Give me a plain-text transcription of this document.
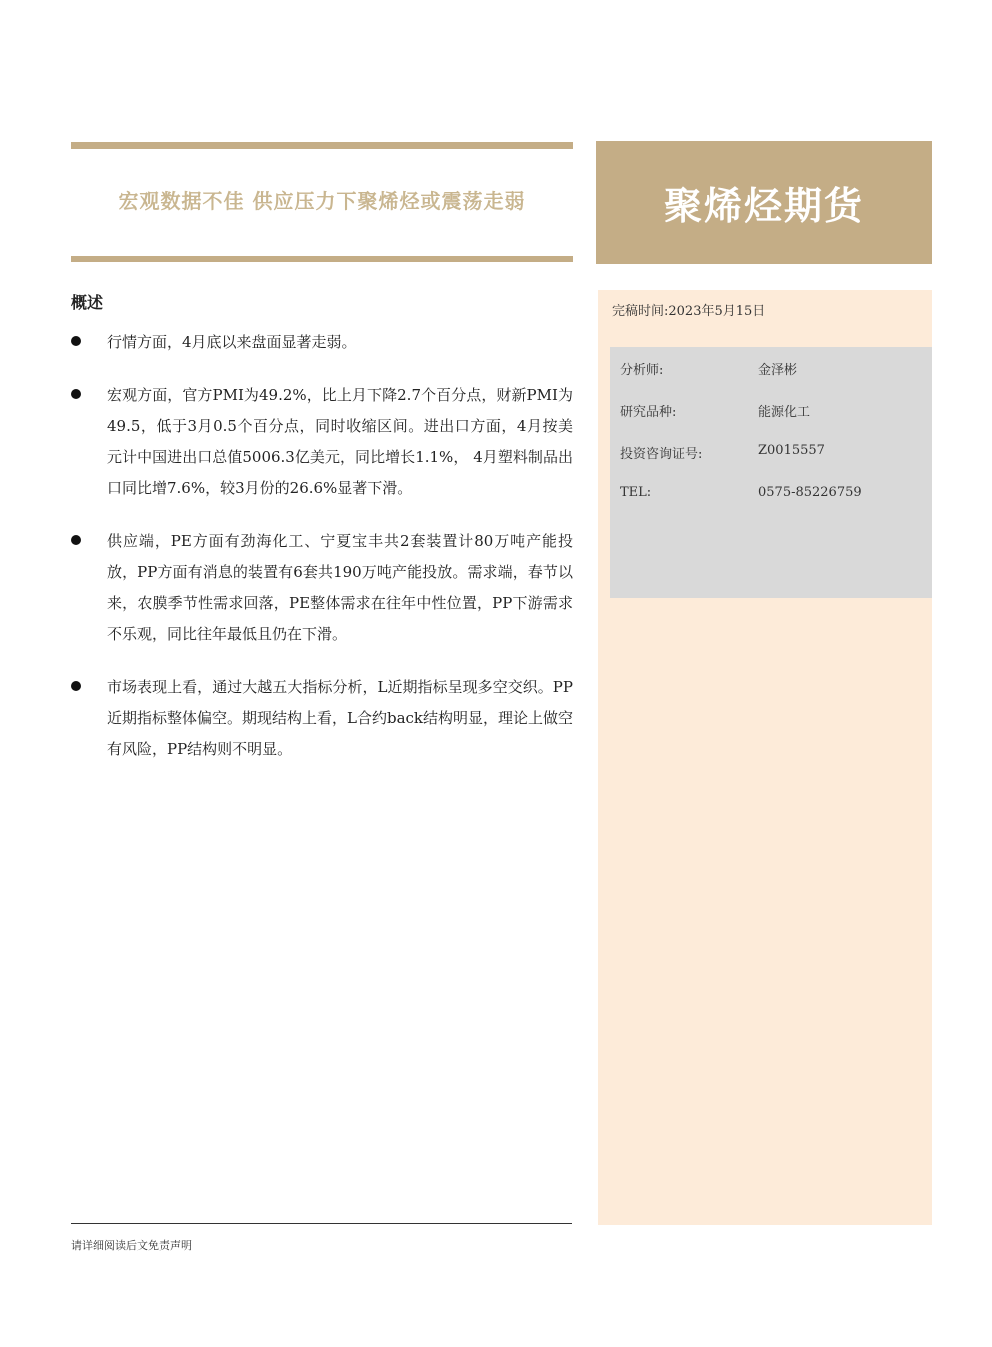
宏观数据不佳 供应压力下聚烯烃或震荡走弱	聚烯烃期货
概述
行情方面，4月底以来盘面显著走弱。
宏观方面，官方PMI为49.2%，比上月下降2.7个百分点，财新PMI为49.5，低于3月0.5个百分点，同时收缩区间。进出口方面，4月按美元计中国进出口总值5006.3亿美元，同比增长1.1%， 4月塑料制品出口同比增7.6%，较3月份的26.6%显著下滑。
供应端，PE方面有劲海化工、宁夏宝丰共2套装置计80万吨产能投放，PP方面有消息的装置有6套共190万吨产能投放。需求端，春节以来，农膜季节性需求回落，PE整体需求在往年中性位置，PP下游需求不乐观，同比往年最低且仍在下滑。
市场表现上看，通过大越五大指标分析，L近期指标呈现多空交织。PP近期指标整体偏空。期现结构上看，L合约back结构明显，理论上做空有风险，PP结构则不明显。
完稿时间:2023年5月15日
分析师:	金泽彬
研究品种:	能源化工
投资咨询证号:	Z0015557
TEL:	0575-85226759
请详细阅读后文免责声明
